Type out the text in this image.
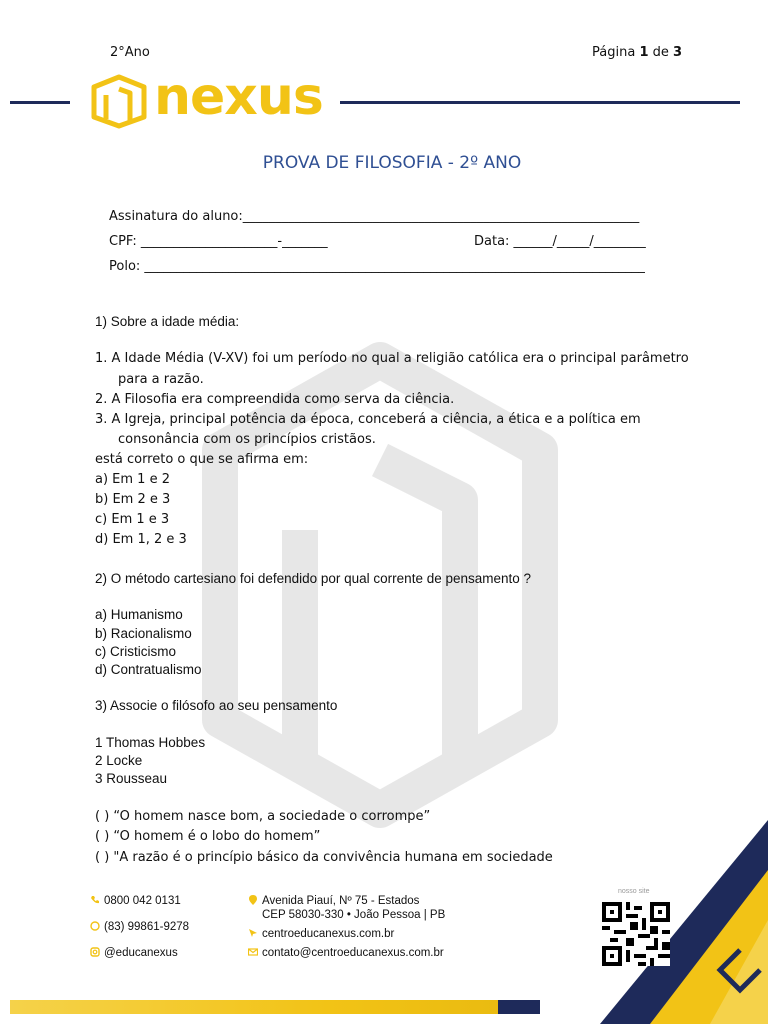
2°Ano	Página 1 de 3
nexus
PROVA DE FILOSOFIA - 2º ANO
Assinatura do aluno:_____________________________________________________________
CPF: _____________________-_______	Data: ______/_____/________
Polo: _____________________________________________________________________________
1) Sobre a idade média:
1. A Idade Média (V-XV) foi um período no qual a religião católica era o principal parâmetro
para a razão.
2. A Filosofia era compreendida como serva da ciência.
3. A Igreja, principal potência da época, conceberá a ciência, a ética e a política em
consonância com os princípios cristãos.
está correto o que se afirma em:
a) Em 1 e 2
b) Em 2 e 3
c) Em 1 e 3
d) Em 1, 2 e 3
2) O método cartesiano foi defendido por qual corrente de pensamento ?
a) Humanismo
b) Racionalismo
c) Cristicismo
d) Contratualismo
3) Associe o filósofo ao seu pensamento
1 Thomas Hobbes
2 Locke
3 Rousseau
( ) “O homem nasce bom, a sociedade o corrompe”
( ) “O homem é o lobo do homem”
( ) "A razão é o princípio básico da convivência humana em sociedade
0800 042 0131
(83) 99861-9278
@educanexus
Avenida Piauí, Nº 75 - Estados
CEP 58030-330 • João Pessoa | PB
centroeducanexus.com.br
contato@centroeducanexus.com.br
nosso site
